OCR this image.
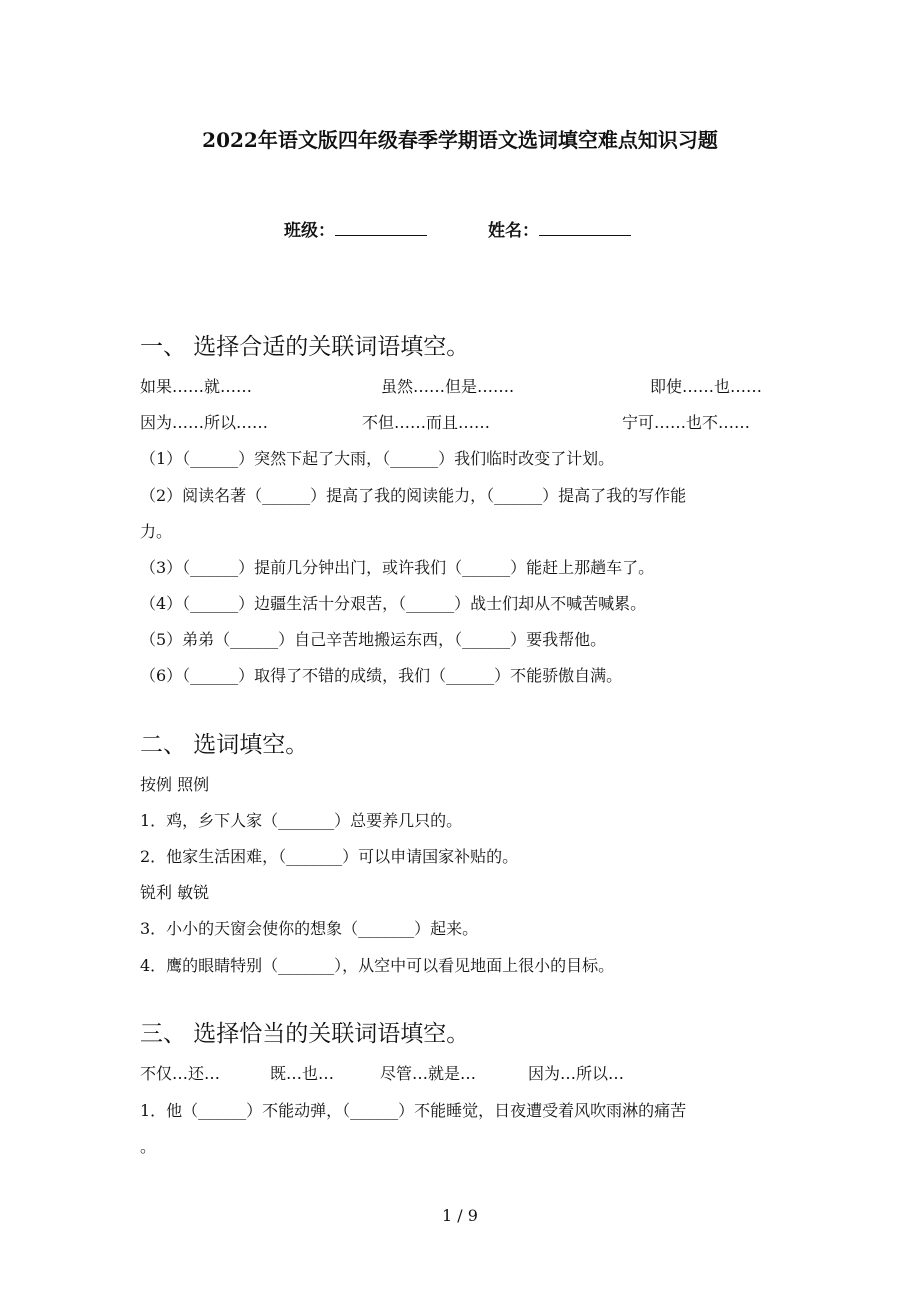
2022年语文版四年级春季学期语文选词填空难点知识习题
班级：	姓名：
一、 选择合适的关联词语填空。
如果……就……	虽然……但是…….	即使……也……
因为……所以……	不但……而且……	宁可……也不……
（1）（______）突然下起了大雨，（______）我们临时改变了计划。
（2）阅读名著（______）提高了我的阅读能力，（______）提高了我的写作能
力。
（3）（______）提前几分钟出门，或许我们（______）能赶上那趟车了。
（4）（______）边疆生活十分艰苦，（______）战士们却从不喊苦喊累。
（5）弟弟（______）自己辛苦地搬运东西，（______）要我帮他。
（6）（______）取得了不错的成绩，我们（______）不能骄傲自满。
二、 选词填空。
按例 照例
1．鸡，乡下人家（_______）总要养几只的。
2．他家生活困难，（_______）可以申请国家补贴的。
锐利 敏锐
3．小小的天窗会使你的想象（_______）起来。
4．鹰的眼睛特别（_______），从空中可以看见地面上很小的目标。
三、 选择恰当的关联词语填空。
不仅…还…	既…也…	尽管…就是…	因为…所以…
1．他（______）不能动弹，（______）不能睡觉，日夜遭受着风吹雨淋的痛苦
。
1 / 9
